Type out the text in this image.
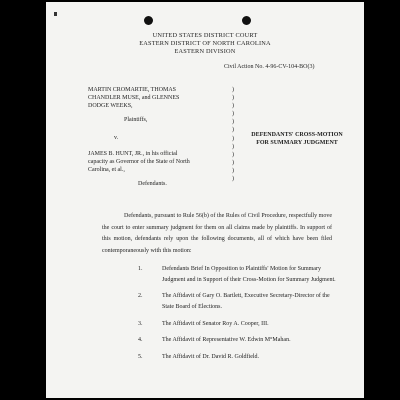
UNITED STATES DISTRICT COURT
EASTERN DISTRICT OF NORTH CAROLINA
EASTERN DIVISION
Civil Action No. 4-96-CV-104-BO(3)

MARTIN CROMARTIE, THOMAS

CHANDLER MUSE, and GLENNES

DODGE WEEKS,

Plaintiffs,

v.

JAMES B. HUNT, JR., in his official

capacity as Governor of the State of North

Carolina, et al.,

Defendants.

)
)
)
)
)
)
)
)
)
)
)
)
DEFENDANTS' CROSS-MOTION
FOR SUMMARY JUDGMENT

Defendants, pursuant to Rule 56(b) of the Rules of Civil Procedure, respectfully move the court to enter summary judgment for them on all claims made by plaintiffs. In support of this motion, defendants rely upon the following documents, all of which have been filed contemporaneously with this motion:

1.	Defendants Brief In Opposition to Plaintiffs' Motion for Summary Judgment and in Support of their Cross-Motion for Summary Judgment.
2.	The Affidavit of Gary O. Bartlett, Executive Secretary-Director of the State Board of Elections.
3.	The Affidavit of Senator Roy A. Cooper, III.
4.	The Affidavit of Representative W. Edwin M°Mahan.
5.	The Affidavit of Dr. David R. Goldfield.
